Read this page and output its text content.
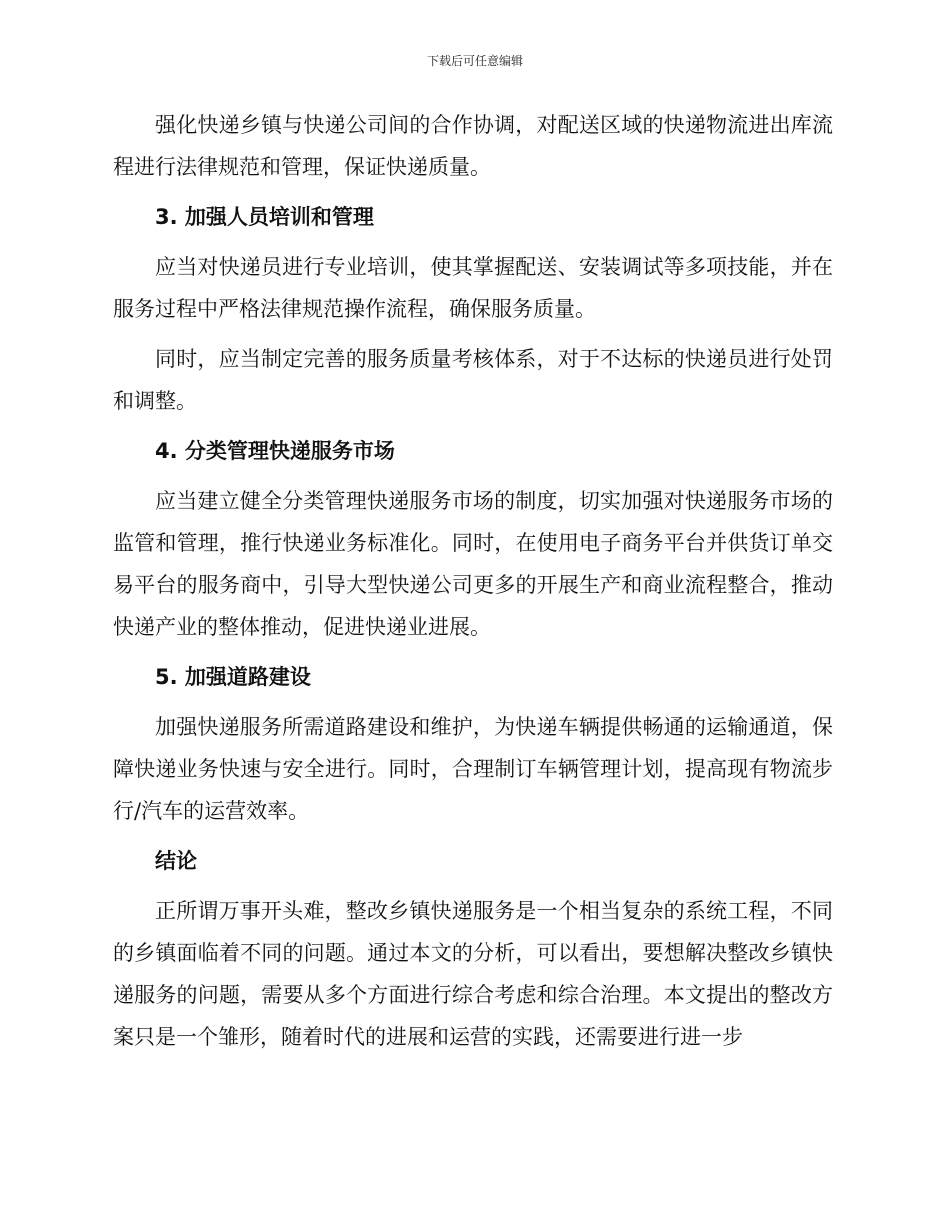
下载后可任意编辑

强化快递乡镇与快递公司间的合作协调，对配送区域的快递物流进出库流程进行法律规范和管理，保证快递质量。

3. 加强人员培训和管理

应当对快递员进行专业培训，使其掌握配送、安装调试等多项技能，并在服务过程中严格法律规范操作流程，确保服务质量。

同时，应当制定完善的服务质量考核体系，对于不达标的快递员进行处罚和调整。

4. 分类管理快递服务市场

应当建立健全分类管理快递服务市场的制度，切实加强对快递服务市场的监管和管理，推行快递业务标准化。同时，在使用电子商务平台并供货订单交易平台的服务商中，引导大型快递公司更多的开展生产和商业流程整合，推动快递产业的整体推动，促进快递业进展。

5. 加强道路建设

加强快递服务所需道路建设和维护，为快递车辆提供畅通的运输通道，保障快递业务快速与安全进行。同时，合理制订车辆管理计划，提高现有物流步行/汽车的运营效率。

结论

正所谓万事开头难，整改乡镇快递服务是一个相当复杂的系统工程，不同的乡镇面临着不同的问题。通过本文的分析，可以看出，要想解决整改乡镇快递服务的问题，需要从多个方面进行综合考虑和综合治理。本文提出的整改方案只是一个雏形，随着时代的进展和运营的实践，还需要进行进一步
